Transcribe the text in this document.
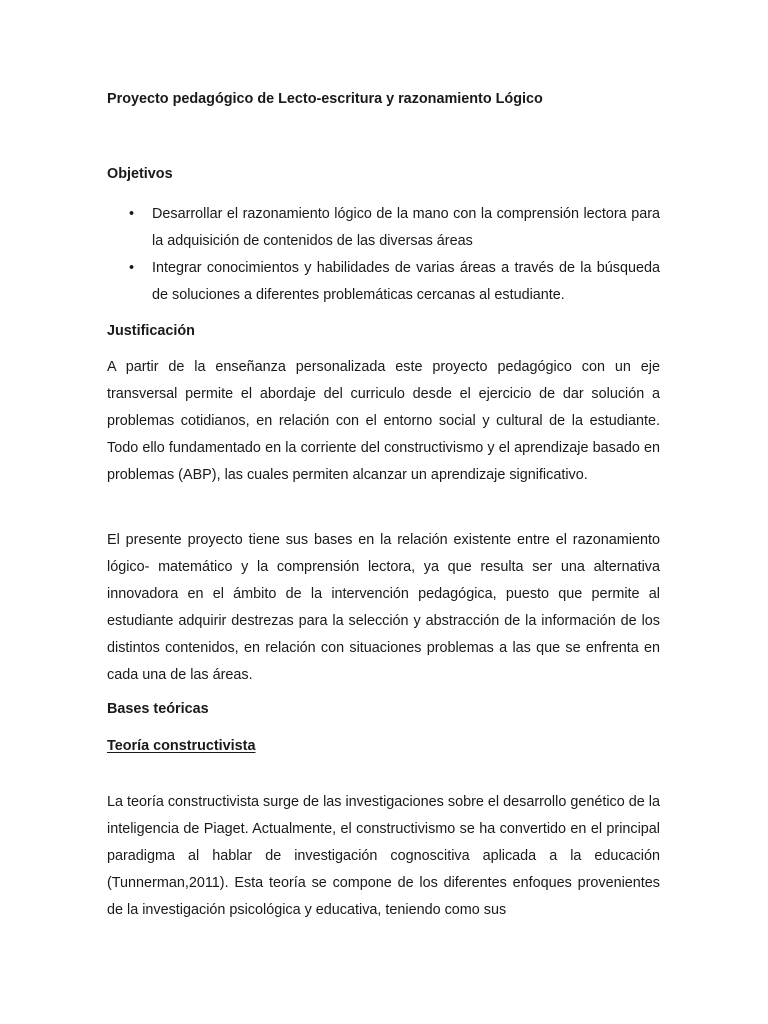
Proyecto pedagógico de Lecto-escritura y razonamiento Lógico
Objetivos
• Desarrollar el razonamiento lógico de la mano con la comprensión lectora para la adquisición de contenidos de las diversas áreas
• Integrar conocimientos y habilidades de varias áreas a través de la búsqueda de soluciones a diferentes problemáticas cercanas al estudiante.
Justificación

A partir de la enseñanza personalizada este proyecto pedagógico con un eje transversal permite el abordaje del curriculo desde el ejercicio de dar solución a problemas cotidianos, en relación con el entorno social y cultural de la estudiante. Todo ello fundamentado en la corriente del constructivismo y el aprendizaje basado en problemas (ABP), las cuales permiten alcanzar un aprendizaje significativo.

El presente proyecto tiene sus bases en la relación existente entre el razonamiento lógico- matemático y la comprensión lectora, ya que resulta ser una alternativa innovadora en el ámbito de la intervención pedagógica, puesto que permite al estudiante adquirir destrezas para la selección y abstracción de la información de los distintos contenidos, en relación con situaciones problemas a las que se enfrenta en cada una de las áreas.

Bases teóricas
Teoría constructivista

La teoría constructivista surge de las investigaciones sobre el desarrollo genético de la inteligencia de Piaget. Actualmente, el constructivismo se ha convertido en el principal paradigma al hablar de investigación cognoscitiva aplicada a la educación (Tunnerman,2011). Esta teoría se compone de los diferentes enfoques provenientes de la investigación psicológica y educativa, teniendo como sus
